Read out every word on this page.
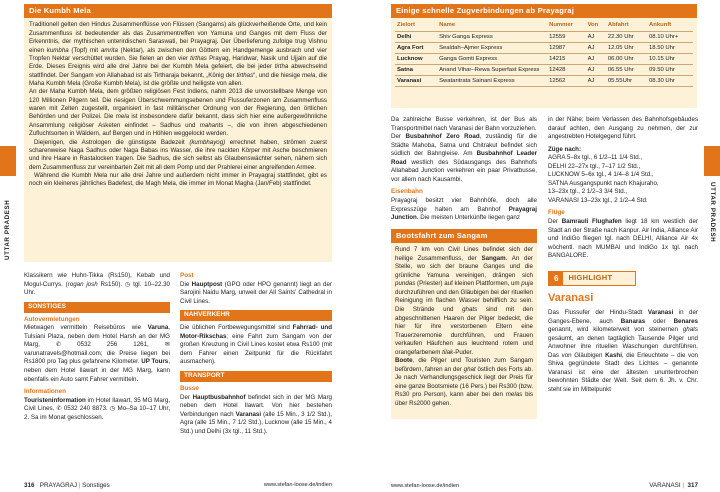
Die Kumbh Mela

Traditionell gelten den Hindus Zusammenflüsse von Flüssen (Sangams) als glückverheißende Orte, und kein Zusammenfluss ist bedeutender als das Zusammentreffen von Yamuna und Ganges mit dem Fluss der Erkenntnis, der mythischen unterirdischen Saraswati, bei Prayagraj. Der Überlieferung zufolge trug Vishnu einen kumbha (Topf) mit amrita (Nektar), als zwischen den Göttern ein Handgemenge ausbrach und vier Tropfen Nektar verschüttet wurden. Sie fielen an den vier tirthas Prayag, Haridwar, Nasik und Ujjain auf die Erde. Dieses Ereignis wird alle drei Jahre bei der Kumbh Mela gefeiert, die bei jeder tirtha abwechselnd stattfindet. Der Sangam von Allahabad ist als Tirtharaja bekannt, „König der tirthas“, und die hiesige mela, die Maha Kumbh Mela (Große Kumbh Mela), ist die größte und heiligste von allen.

An der Maha Kumbh Mela, dem größten religiösen Fest Indiens, nahm 2013 die unvorstellbare Menge von 120 Millionen Pilgern teil. Die riesigen Überschwemmungsebenen und Flussuferzonen am Zusammenfluss waren mit Zelten zugestellt, organisiert in fast militärischer Ordnung von der Regierung, den örtlichen Behörden und der Polizei. Die mela ist insbesondere dafür bekannt, dass sich hier eine außergewöhnliche Ansammlung religiöser Asketen einfindet – Sadhus und mahants –, die von ihren abgeschiedenen Zufluchtsorten in Wäldern, auf Bergen und in Höhlen weggelockt werden.

Diejenigen, die Astrologen die günstigste Badezeit (kumbhayog) errechnet haben, strömen zuerst scharenweise Naga Sadhus oder Naga Babas ins Wasser, die ihre nackten Körper mit Asche beschmieren und ihre Haare in Rastalocken tragen. Die Sadhus, die sich selbst als Glaubenswächter sehen, nähern sich dem Zusammenfluss zur vereinbarten Zeit mit all dem Pomp und der Prahlerei einer angreifenden Armee.

Während die Kumbh Mela nur alle drei Jahre und außerdem nicht immer in Prayagraj stattfindet, gibt es noch ein kleineres jährliches Badefest, die Magh Mela, die immer im Monat Magha (Jan/Feb) stattfindet.

Klassikern wie Huhn-Tikka (Rs150), Kebab und Mogul-Currys. (rogan josh Rs150). ◷ tgl. 10–22.30 Uhr.

SONSTIGES
Autovermietungen

Mietwagen vermitteln Reisebüros wie Varuna, Tulsiani Plaza, neben dem Hotel Harsh an der MG Marg,	✆	0532 256 1261,	✉ varunatravels@hotmail.com; die Preise liegen bei Rs1800 pro Tag plus gefahrene Kilometer. UP Tours, neben dem Hotel Ilawart in der MG Marg, kann ebenfalls ein Auto samt Fahrer vermitteln.

Informationen

Touristeninformation im Hotel Ilawart, 35 MG Marg, Civil Lines, ✆ 0532 240 8873. ◷ Mo–Sa 10–17 Uhr, 2. Sa im Monat geschlossen.

Post

Die Hauptpost (GPO oder HPO genannt) liegt an der Sarojini Naidu Marg, unweit der All Saints' Cathedral in Civil Lines.

NAHVERKEHR

Die üblichen Fortbewegungsmittel sind Fahrrad- und Motor-Rikschas; eine Fahrt zum Sangam von der großen Kreuzung in Civil Lines kostet etwa Rs100 (mit dem Fahrer einen Zeitpunkt für die Rückfahrt ausmachen).

TRANSPORT
Busse

Der Hauptbusbahnhof befindet sich in der MG Marg neben dem Hotel Ilawart. Von hier bestehen Verbindungen nach Varanasi (alle 15 Min., 3 1/2 Std.), Agra (alle 15 Min., 7 1/2 Std.), Lucknow (alle 15 Min., 4 Std.) und Delhi (3x tgl., 11 Std.).

316 PRAYAGRAJ | Sonstiges	www.stefan-loose.de/indien
UTTAR PRADESH
UTTAR PRADESH
Einige schnelle Zugverbindungen ab Prayagraj
Zielort	Name	Nummer	Von	Abfahrt	Ankunft
Delhi	Shiv Ganga Express	12559	AJ	22.30 Uhr	08.10 Uhr+
Agra Fort	Sealdah–Ajmer Express	12987	AJ	12.05 Uhr	18.50 Uhr
Lucknow	Ganga Gomti Express	14215	AJ	06.00 Uhr	10.15 Uhr
Satna	Anand Vihar–Rewa Superfast Express	12428	AJ	06.55 Uhr	09.50 Uhr
Varanasi	Swatantrata Sainani Express	12562	AJ	05.55Uhr	08.30 Uhr

Da zahlreiche Busse verkehren, ist der Bus als Transportmittel nach Varanasi der Bahn vorzuziehen.

Der Busbahnhof Zero Road, zuständig für die Städte Mahoba, Satna und Chitrakut befindet sich südlich der Bahngleise. Am Busbahnhof Leader Road westlich des Südausgangs des Bahnhofs Allahabad Junction verkehren ein paar Privatbusse, vor allem nach Kausambi.

Eisenbahn

Prayagraj besitzt vier Bahnhöfe, doch alle Expresszüge halten am Bahnhof Prayagraj Junction. Die meisten Unterkünfte liegen ganz

Bootsfahrt zum Sangam

Rund 7 km von Civil Lines befindet sich der heilige Zusammenfluss, der Sangam. An der Stelle, wo sich der braune Ganges und die grünliche Yamuna vereinigen, drängen sich pundas (Priester) auf kleinen Plattformen, um puja durchzuführen und den Gläubigen bei der rituellen Reinigung im flachen Wasser behilflich zu sein. Die Strände und ghats sind mit den abgeschnittenen Haaren der Pilger bedeckt, die hier für ihre verstorbenen Eltern eine Trauerzeremonie durchführen, und Frauen verkaufen Häufchen aus leuchtend rotem und orangefarbenem tilak-Puder.

Boote, die Pilger und Touristen zum Sangam befördern, fahren an der ghat östlich des Forts ab. Je nach Verhandlungsgeschick liegt der Preis für eine ganze Bootsmiete (16 Pers.) bei Rs300 (bzw. Rs30 pro Person), kann aber bei den melas bis über Rs2000 gehen.

in der Nähe; beim Verlassen des Bahnhofsgebäudes darauf achten, den Ausgang zu nehmen, der zur angestrebten Hotelgegend führt.

Züge nach:
AGRA 5–8x tgl., 6 1/2–11 1/4 Std.,
DELHI 22–27x tgl., 7–17 1/2 Std.,
LUCKNOW 5–6x tgl., 4 1/4–8 1/4 Std.,
SATNA Ausgangspunkt nach Khajuraho,
13–23x tgl., 2 1/2–3 3/4 Std.,
VARANASI 13–23x tgl., 2 1/2–4 Std.
Flüge

Der Bamrauli Flughafen liegt 18 km westlich der Stadt an der Straße nach Kanpur. Air India, Alliance Air und IndiGo fliegen tgl. nach DELHI, Alliance Air 4x wöchentl. nach MUMBAI und IndiGo 1x tgl. nach BANGALORE.

6	HIGHLIGHT
Varanasi

Das Flussufer der Hindu-Stadt Varanasi in der Ganges-Ebene, auch Banaras oder Benares genannt, wird kilometerweit von steinernen ghats gesäumt, an denen tagtäglich Tausende Pilger und Anwohner ihre rituellen Waschungen durchführen. Das von Gläubigen Kashi, die Erleuchtete – die von Shiva gegründete Stadt des Lichtes – genannte Varanasi ist eine der ältesten ununterbrochen bewohnten Städte der Welt. Seit dem 6. Jh. v. Chr. steht sie im Mittelpunkt

www.stefan-loose.de/indien	VARANASI | 317
